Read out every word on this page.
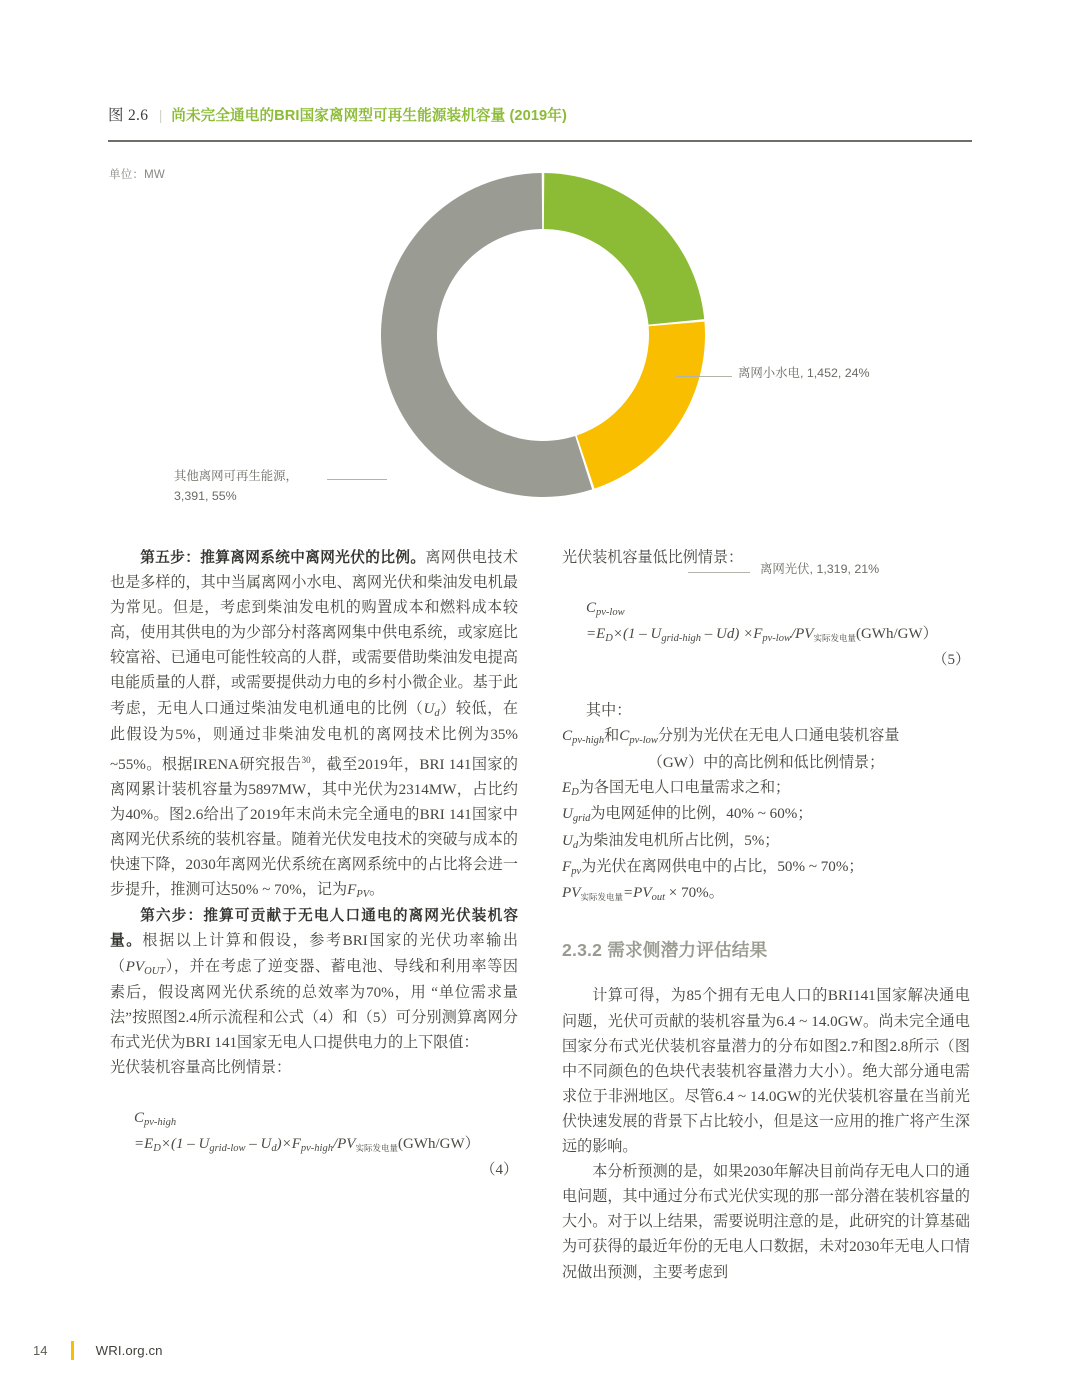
图 2.6 | 尚未完全通电的BRI国家离网型可再生能源装机容量 (2019年)
单位：MW
离网小水电, 1,452, 24%
离网光伏, 1,319, 21%
其他离网可再生能源，
3,391, 55%

第五步：推算离网系统中离网光伏的比例。离网供电技术也是多样的，其中当属离网小水电、离网光伏和柴油发电机最为常见。但是，考虑到柴油发电机的购置成本和燃料成本较高，使用其供电的为少部分村落离网集中供电系统，或家庭比较富裕、已通电可能性较高的人群，或需要借助柴油发电提高电能质量的人群，或需要提供动力电的乡村小微企业。基于此考虑，无电人口通过柴油发电机通电的比例（Ud）较低，在此假设为5%，则通过非柴油发电机的离网技术比例为35% ~55%。根据IRENA研究报告$^{30}$，截至2019年，BRI 141国家的离网累计装机容量为5897MW，其中光伏为2314MW，占比约为40%。图2.6给出了2019年末尚未完全通电的BRI 141国家中离网光伏系统的装机容量。随着光伏发电技术的突破与成本的快速下降，2030年离网光伏系统在离网系统中的占比将会进一步提升，推测可达50% ~ 70%，记为FPV。

第六步：推算可贡献于无电人口通电的离网光伏装机容量。根据以上计算和假设，参考BRI国家的光伏功率输出（PVOUT），并在考虑了逆变器、蓄电池、导线和利用率等因素后，假设离网光伏系统的总效率为70%，用 “单位需求量法”按照图2.4所示流程和公式（4）和（5）可分别测算离网分布式光伏为BRI 141国家无电人口提供电力的上下限值：

光伏装机容量高比例情景：

$C_{pv-high}$
$=E_D\times(1 - U_{grid-low} - U_d)\times F_{pv-high}/PV_{实际发电量}(GWh/GW)$
（4）

光伏装机容量低比例情景：

$C_{pv-low}$
$=E_D\times(1 - U_{grid-high} - Ud) \times F_{pv-low}/PV_{实际发电量}(GWh/GW)$
（5）
其中：
Cpv-high和Cpv-low分别为光伏在无电人口通电装机容量
（GW）中的高比例和低比例情景；
ED为各国无电人口电量需求之和；
Ugrid为电网延伸的比例，40% ~ 60%；
Ud为柴油发电机所占比例，5%；
Fpv为光伏在离网供电中的占比，50% ~ 70%；
PV实际发电量=PVout × 70%。
2.3.2 需求侧潜力评估结果

计算可得，为85个拥有无电人口的BRI141国家解决通电问题，光伏可贡献的装机容量为6.4 ~ 14.0GW。尚未完全通电国家分布式光伏装机容量潜力的分布如图2.7和图2.8所示（图中不同颜色的色块代表装机容量潜力大小）。绝大部分通电需求位于非洲地区。尽管6.4 ~ 14.0GW的光伏装机容量在当前光伏快速发展的背景下占比较小，但是这一应用的推广将产生深远的影响。

本分析预测的是，如果2030年解决目前尚存无电人口的通电问题，其中通过分布式光伏实现的那一部分潜在装机容量的大小。对于以上结果，需要说明注意的是，此研究的计算基础为可获得的最近年份的无电人口数据，未对2030年无电人口情况做出预测，主要考虑到

14	WRI.org.cn
